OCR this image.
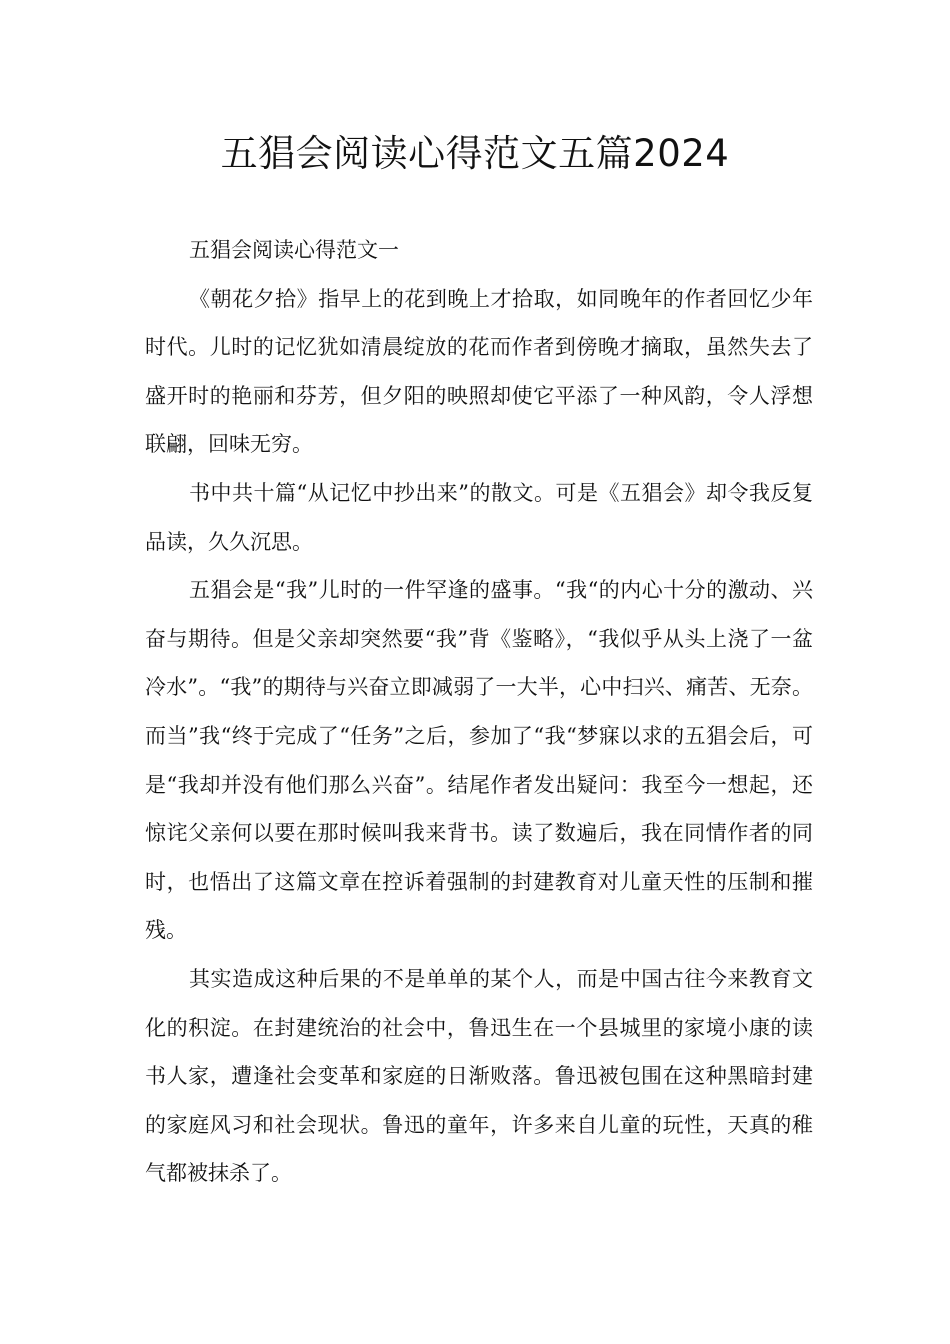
五猖会阅读心得范文五篇2024

五猖会阅读心得范文一

《朝花夕拾》指早上的花到晚上才拾取，如同晚年的作者回忆少年时代。儿时的记忆犹如清晨绽放的花而作者到傍晚才摘取，虽然失去了盛开时的艳丽和芬芳，但夕阳的映照却使它平添了一种风韵，令人浮想联翩，回味无穷。

书中共十篇“从记忆中抄出来”的散文。可是《五猖会》却令我反复品读，久久沉思。

五猖会是“我”儿时的一件罕逢的盛事。“我“的内心十分的激动、兴奋与期待。但是父亲却突然要“我”背《鉴略》，“我似乎从头上浇了一盆冷水”。“我”的期待与兴奋立即减弱了一大半，心中扫兴、痛苦、无奈。而当”我“终于完成了“任务”之后，参加了“我“梦寐以求的五猖会后，可是“我却并没有他们那么兴奋”。结尾作者发出疑问：我至今一想起，还惊诧父亲何以要在那时候叫我来背书。读了数遍后，我在同情作者的同时，也悟出了这篇文章在控诉着强制的封建教育对儿童天性的压制和摧残。

其实造成这种后果的不是单单的某个人，而是中国古往今来教育文化的积淀。在封建统治的社会中，鲁迅生在一个县城里的家境小康的读书人家，遭逢社会变革和家庭的日渐败落。鲁迅被包围在这种黑暗封建的家庭风习和社会现状。鲁迅的童年，许多来自儿童的玩性，天真的稚气都被抹杀了。
